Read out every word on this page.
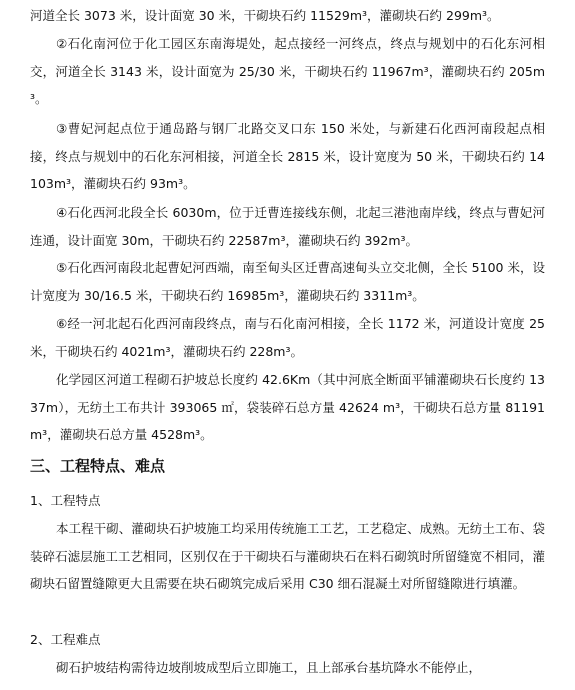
河道全长 3073 米，设计面宽 30 米，干砌块石约 11529m³，灌砌块石约 299m³。
②石化南河位于化工园区东南海堤处，起点接经一河终点，终点与规划中的石化东河相交，河道全长 3143 米，设计面宽为 25/30 米，干砌块石约 11967m³，灌砌块石约 205m³。
③曹妃河起点位于通岛路与钢厂北路交叉口东 150 米处，与新建石化西河南段起点相接，终点与规划中的石化东河相接，河道全长 2815 米，设计宽度为 50 米，干砌块石约 14103m³，灌砌块石约 93m³。
④石化西河北段全长 6030m，位于迁曹连接线东侧，北起三港池南岸线，终点与曹妃河连通，设计面宽 30m，干砌块石约 22587m³，灌砌块石约 392m³。
⑤石化西河南段北起曹妃河西端，南至甸头区迁曹高速甸头立交北侧，全长 5100 米，设计宽度为 30/16.5 米，干砌块石约 16985m³，灌砌块石约 3311m³。
⑥经一河北起石化西河南段终点，南与石化南河相接，全长 1172 米，河道设计宽度 25 米，干砌块石约 4021m³，灌砌块石约 228m³。
化学园区河道工程砌石护坡总长度约 42.6Km（其中河底全断面平铺灌砌块石长度约 1337m），无纺土工布共计 393065 ㎡，袋装碎石总方量 42624 m³，干砌块石总方量 81191m³，灌砌块石总方量 4528m³。
三、工程特点、难点
1、工程特点
本工程干砌、灌砌块石护坡施工均采用传统施工工艺，工艺稳定、成熟。无纺土工布、袋装碎石滤层施工工艺相同，区别仅在于干砌块石与灌砌块石在料石砌筑时所留缝宽不相同，灌砌块石留置缝隙更大且需要在块石砌筑完成后采用 C30 细石混凝土对所留缝隙进行填灌。
2、工程难点
砌石护坡结构需待边坡削坡成型后立即施工，且上部承台基坑降水不能停止，
